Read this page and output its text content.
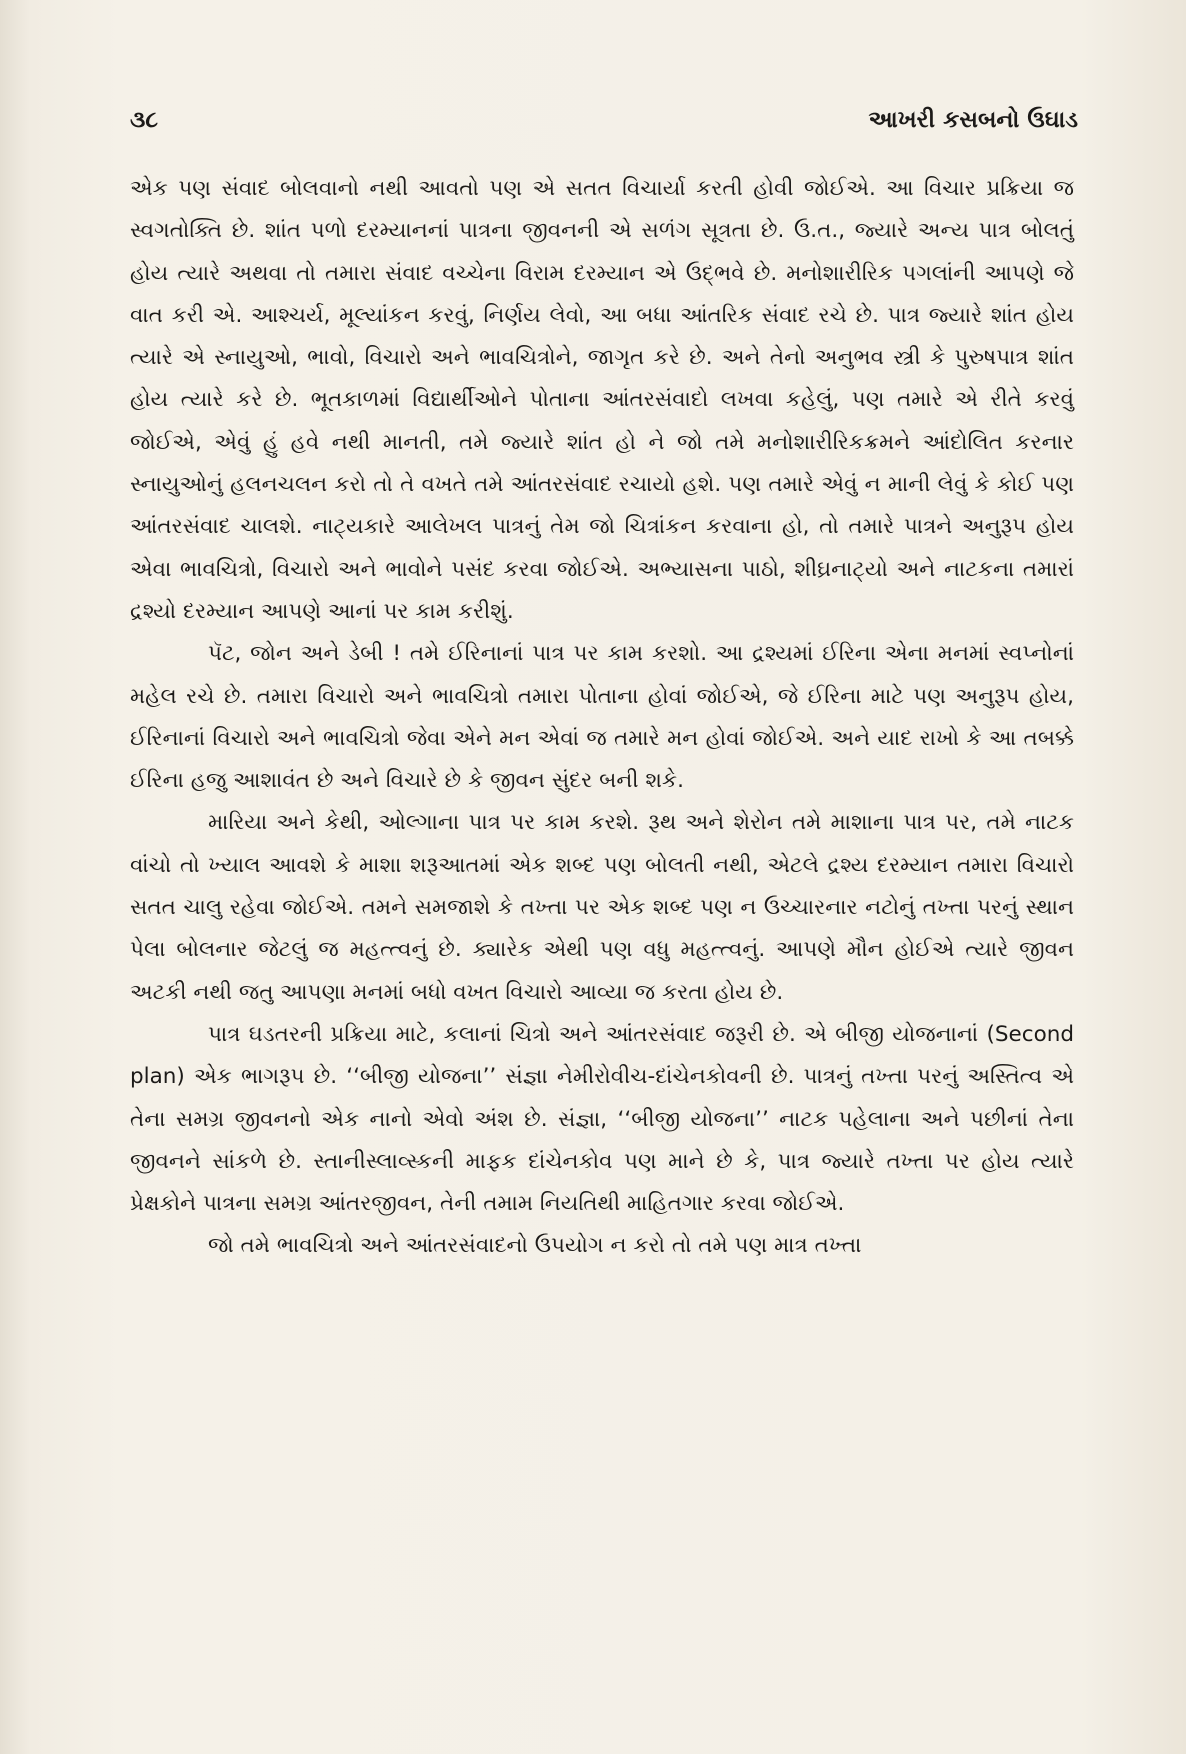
૩૮	આખરી કસબનો ઉઘાડ

એક પણ સંવાદ બોલવાનો નથી આવતો પણ એ સતત વિચાર્યા કરતી હોવી જોઈએ. આ વિચાર પ્રક્રિયા જ સ્વગતોક્તિ છે. શાંત પળો દરમ્યાનનાં પાત્રના જીવનની એ સળંગ સૂત્રતા છે. ઉ.ત., જ્યારે અન્ય પાત્ર બોલતું હોય ત્યારે અથવા તો તમારા સંવાદ વચ્ચેના વિરામ દરમ્યાન એ ઉદ્ભવે છે. મનોશારીરિક પગલાંની આપણે જે વાત કરી એ. આશ્ચર્ય, મૂલ્યાંકન કરવું, નિર્ણય લેવો, આ બધા આંતરિક સંવાદ રચે છે. પાત્ર જ્યારે શાંત હોય ત્યારે એ સ્નાયુઓ, ભાવો, વિચારો અને ભાવચિત્રોને, જાગૃત કરે છે. અને તેનો અનુભવ સ્ત્રી કે પુરુષપાત્ર શાંત હોય ત્યારે કરે છે. ભૂતકાળમાં વિદ્યાર્થીઓને પોતાના આંતરસંવાદો લખવા કહેલું, પણ તમારે એ રીતે કરવું જોઈએ, એવું હું હવે નથી માનતી, તમે જ્યારે શાંત હો ને જો તમે મનોશારીરિકક્રમને આંદોલિત કરનાર સ્નાયુઓનું હલનચલન કરો તો તે વખતે તમે આંતરસંવાદ રચાયો હશે. પણ તમારે એવું ન માની લેવું કે કોઈ પણ આંતરસંવાદ ચાલશે. નાટ્યકારે આલેખલ પાત્રનું તેમ જો ચિત્રાંકન કરવાના હો, તો તમારે પાત્રને અનુરૂપ હોય એવા ભાવચિત્રો, વિચારો અને ભાવોને પસંદ કરવા જોઈએ. અભ્યાસના પાઠો, શીઘ્રનાટ્યો અને નાટકના તમારાં દ્રશ્યો દરમ્યાન આપણે આનાં પર કામ કરીશું.

પૅટ, જોન અને ડેબી ! તમે ઈરિનાનાં પાત્ર પર કામ કરશો. આ દ્રશ્યમાં ઈરિના એના મનમાં સ્વપ્નોનાં મહેલ રચે છે. તમારા વિચારો અને ભાવચિત્રો તમારા પોતાના હોવાં જોઈએ, જે ઈરિના માટે પણ અનુરૂપ હોય, ઈરિનાનાં વિચારો અને ભાવચિત્રો જેવા એને મન એવાં જ તમારે મન હોવાં જોઈએ. અને યાદ રાખો કે આ તબક્કે ઈરિના હજુ આશાવંત છે અને વિચારે છે કે જીવન સુંદર બની શકે.

મારિયા અને કેથી, ઓલ્ગાના પાત્ર પર કામ કરશે. રૂથ અને શેરોન તમે માશાના પાત્ર પર, તમે નાટક વાંચો તો ખ્યાલ આવશે કે માશા શરૂઆતમાં એક શબ્દ પણ બોલતી નથી, એટલે દ્રશ્ય દરમ્યાન તમારા વિચારો સતત ચાલુ રહેવા જોઈએ. તમને સમજાશે કે તખ્તા પર એક શબ્દ પણ ન ઉચ્ચારનાર નટોનું તખ્તા પરનું સ્થાન પેલા બોલનાર જેટલું જ મહત્ત્વનું છે. ક્યારેક એથી પણ વધુ મહત્ત્વનું. આપણે મૌન હોઈએ ત્યારે જીવન અટકી નથી જતુ આપણા મનમાં બધો વખત વિચારો આવ્યા જ કરતા હોય છે.

પાત્ર ઘડતરની પ્રક્રિયા માટે, કલાનાં ચિત્રો અને આંતરસંવાદ જરૂરી છે. એ બીજી યોજનાનાં (Second plan) એક ભાગરૂપ છે. ‘‘બીજી યોજના’’ સંજ્ઞા નેમીરોવીચ-દાંચેનકોવની છે. પાત્રનું તખ્તા પરનું અસ્તિત્વ એ તેના સમગ્ર જીવનનો એક નાનો એવો અંશ છે. સંજ્ઞા, ‘‘બીજી યોજના’’ નાટક પહેલાના અને પછીનાં તેના જીવનને સાંકળે છે. સ્તાનીસ્લાવ્સ્કની માફક દાંચેનકોવ પણ માને છે કે, પાત્ર જ્યારે તખ્તા પર હોય ત્યારે પ્રેક્ષકોને પાત્રના સમગ્ર આંતરજીવન, તેની તમામ નિયતિથી માહિતગાર કરવા જોઈએ.

જો તમે ભાવચિત્રો અને આંતરસંવાદનો ઉપયોગ ન કરો તો તમે પણ માત્ર તખ્તા
